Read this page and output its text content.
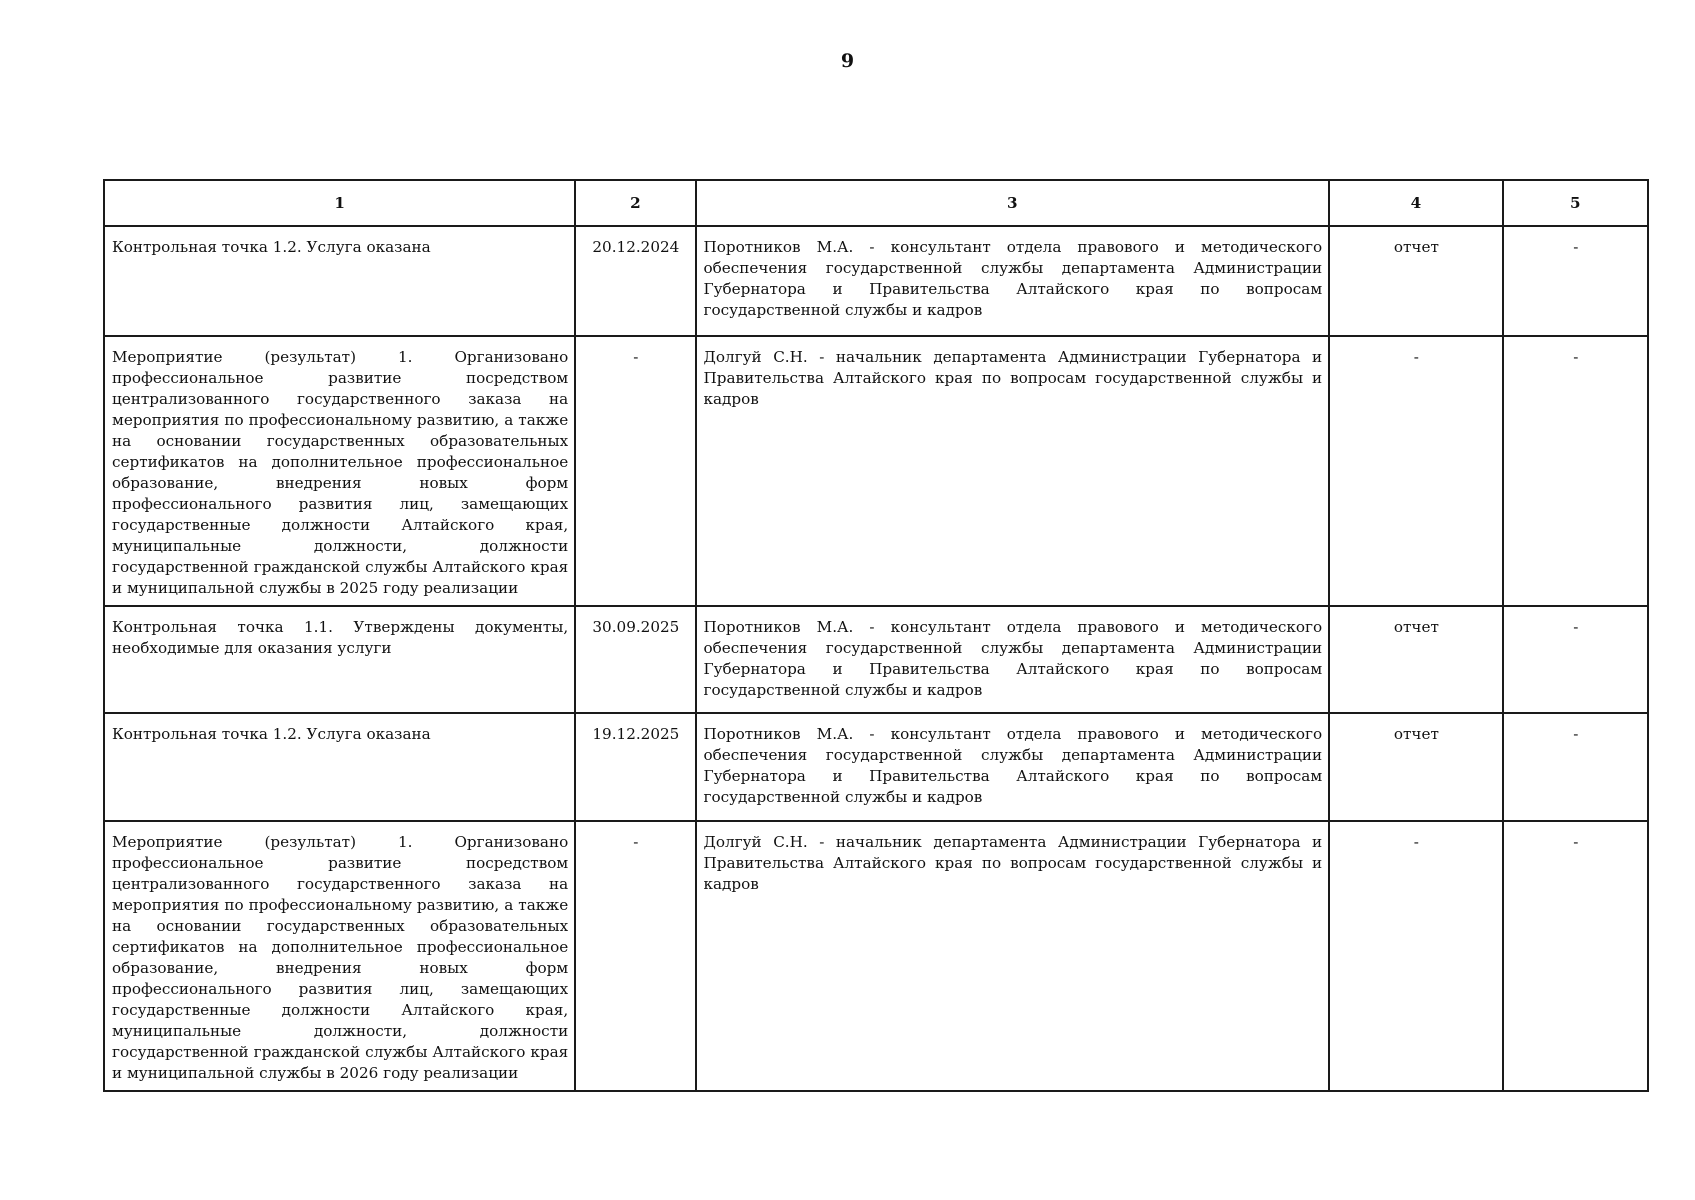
9
1	2	3	4	5
Контрольная точка 1.2. Услуга оказана	20.12.2024	Поротников М.А. - консультант отдела правового и методического обеспечения государственной службы департамента Администрации Губернатора и Правительства Алтайского края по вопросам государственной службы и кадров	отчет	-
Мероприятие (результат) 1. Организовано профессиональное развитие посредством централизованного государственного заказа на мероприятия по профессиональному развитию, а также на основании государственных образовательных сертификатов на дополнительное профессиональное образование, внедрения новых форм профессионального развития лиц, замещающих государственные должности Алтайского края, муниципальные должности, должности государственной гражданской службы Алтайского края и муниципальной службы в 2025 году реализации	-	Долгуй С.Н. - начальник департамента Администрации Губернатора и Правительства Алтайского края по вопросам государственной службы и кадров	-	-
Контрольная точка 1.1. Утверждены документы, необходимые для оказания услуги	30.09.2025	Поротников М.А. - консультант отдела правового и методического обеспечения государственной службы департамента Администрации Губернатора и Правительства Алтайского края по вопросам государственной службы и кадров	отчет	-
Контрольная точка 1.2. Услуга оказана	19.12.2025	Поротников М.А. - консультант отдела правового и методического обеспечения государственной службы департамента Администрации Губернатора и Правительства Алтайского края по вопросам государственной службы и кадров	отчет	-
Мероприятие (результат) 1. Организовано профессиональное развитие посредством централизованного государственного заказа на мероприятия по профессиональному развитию, а также на основании государственных образовательных сертификатов на дополнительное профессиональное образование, внедрения новых форм профессионального развития лиц, замещающих государственные должности Алтайского края, муниципальные должности, должности государственной гражданской службы Алтайского края и муниципальной службы в 2026 году реализации	-	Долгуй С.Н. - начальник департамента Администрации Губернатора и Правительства Алтайского края по вопросам государственной службы и кадров	-	-
